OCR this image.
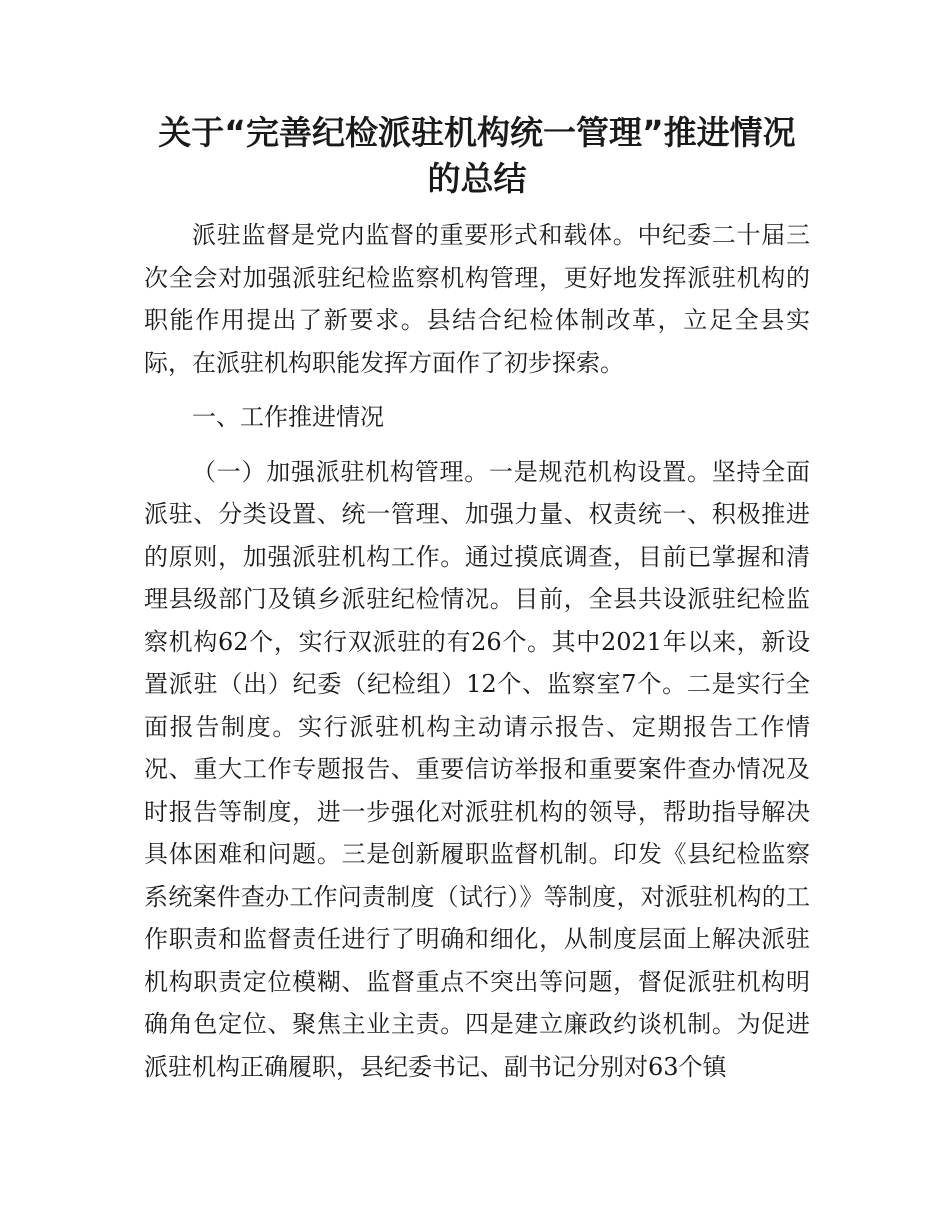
关于“完善纪检派驻机构统一管理”推进情况
的总结

派驻监督是党内监督的重要形式和载体。中纪委二十届三次全会对加强派驻纪检监察机构管理，更好地发挥派驻机构的职能作用提出了新要求。县结合纪检体制改革，立足全县实际，在派驻机构职能发挥方面作了初步探索。

一、工作推进情况

（一）加强派驻机构管理。一是规范机构设置。坚持全面派驻、分类设置、统一管理、加强力量、权责统一、积极推进的原则，加强派驻机构工作。通过摸底调查，目前已掌握和清理县级部门及镇乡派驻纪检情况。目前，全县共设派驻纪检监察机构62个，实行双派驻的有26个。其中2021年以来，新设置派驻（出）纪委（纪检组）12个、监察室7个。二是实行全面报告制度。实行派驻机构主动请示报告、定期报告工作情况、重大工作专题报告、重要信访举报和重要案件查办情况及时报告等制度，进一步强化对派驻机构的领导，帮助指导解决具体困难和问题。三是创新履职监督机制。印发《县纪检监察系统案件查办工作问责制度（试行）》等制度，对派驻机构的工作职责和监督责任进行了明确和细化，从制度层面上解决派驻机构职责定位模糊、监督重点不突出等问题，督促派驻机构明确角色定位、聚焦主业主责。四是建立廉政约谈机制。为促进派驻机构正确履职，县纪委书记、副书记分别对63个镇
